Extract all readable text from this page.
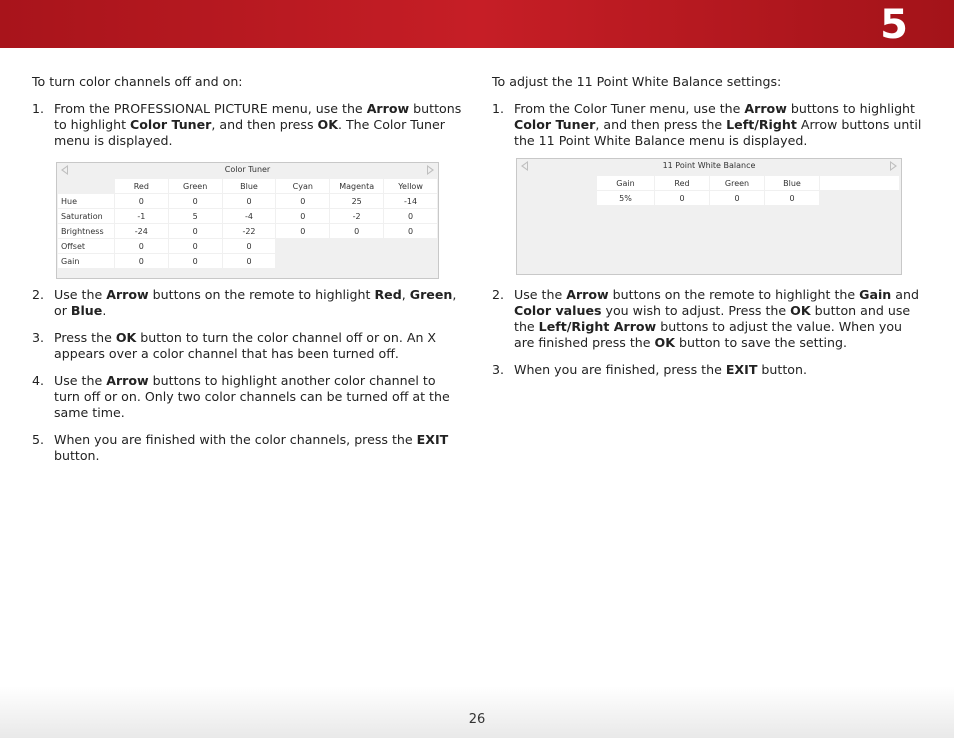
5

To turn color channels off and on:

1. From the PROFESSIONAL PICTURE menu, use the Arrow buttons to highlight Color Tuner, and then press OK. The Color Tuner menu is displayed.
Color Tuner
	Red	Green	Blue	Cyan	Magenta	Yellow
Hue	0	0	0	0	25	-14
Saturation	-1	5	-4	0	-2	0
Brightness	-24	0	-22	0	0	0
Offset	0	0	0			
Gain	0	0	0			
2. Use the Arrow buttons on the remote to highlight Red, Green, or Blue.
3. Press the OK button to turn the color channel off or on. An X appears over a color channel that has been turned off.
4. Use the Arrow buttons to highlight another color channel to turn off or on. Only two color channels can be turned off at the same time.
5. When you are finished with the color channels, press the EXIT button.

To adjust the 11 Point White Balance settings:

1. From the Color Tuner menu, use the Arrow buttons to highlight Color Tuner, and then press the Left/Right Arrow buttons until the 11 Point White Balance menu is displayed.
11 Point White Balance
Gain	Red	Green	Blue	
5%	0	0	0	
2. Use the Arrow buttons on the remote to highlight the Gain and Color values you wish to adjust. Press the OK button and use the Left/Right Arrow buttons to adjust the value. When you are finished press the OK button to save the setting.
3. When you are finished, press the EXIT button.
26
